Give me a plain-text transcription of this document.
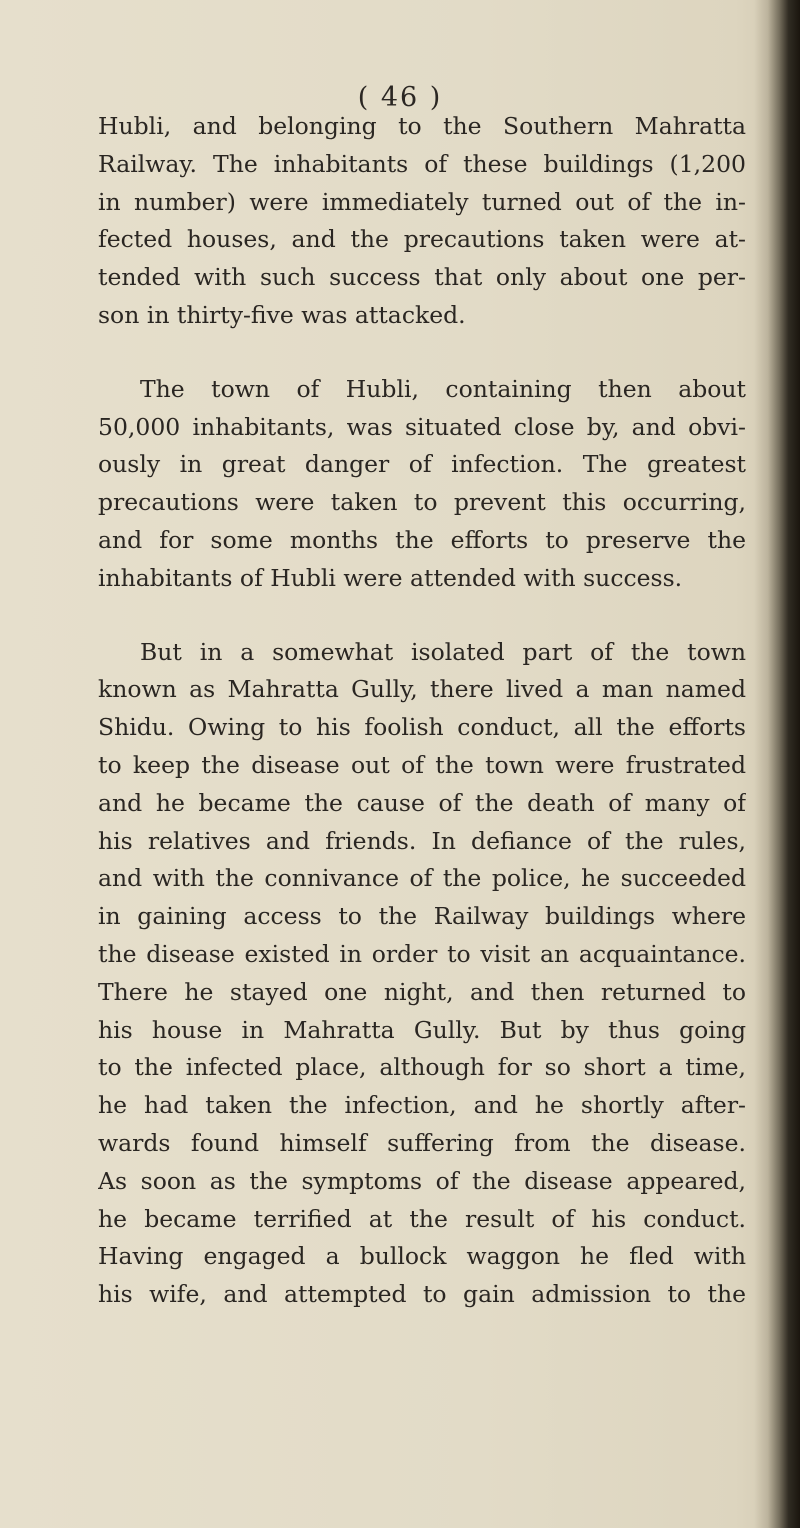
( 46 )

Hubli, and belonging to the Southern Mahratta
Railway. The inhabitants of these buildings (1,200
in number) were immediately turned out of the in-
fected houses, and the precautions taken were at-
tended with such success that only about one per-
son in thirty-five was attacked.

The town of Hubli, containing then about
50,000 inhabitants, was situated close by, and obvi-
ously in great danger of infection. The greatest
precautions were taken to prevent this occurring,
and for some months the efforts to preserve the
inhabitants of Hubli were attended with success.

But in a somewhat isolated part of the town
known as Mahratta Gully, there lived a man named
Shidu. Owing to his foolish conduct, all the efforts
to keep the disease out of the town were frustrated
and he became the cause of the death of many of
his relatives and friends. In defiance of the rules,
and with the connivance of the police, he succeeded
in gaining access to the Railway buildings where
the disease existed in order to visit an acquaintance.
There he stayed one night, and then returned to
his house in Mahratta Gully. But by thus going
to the infected place, although for so short a time,
he had taken the infection, and he shortly after-
wards found himself suffering from the disease.
As soon as the symptoms of the disease appeared,
he became terrified at the result of his conduct.
Having engaged a bullock waggon he fled with
his wife, and attempted to gain admission to the
